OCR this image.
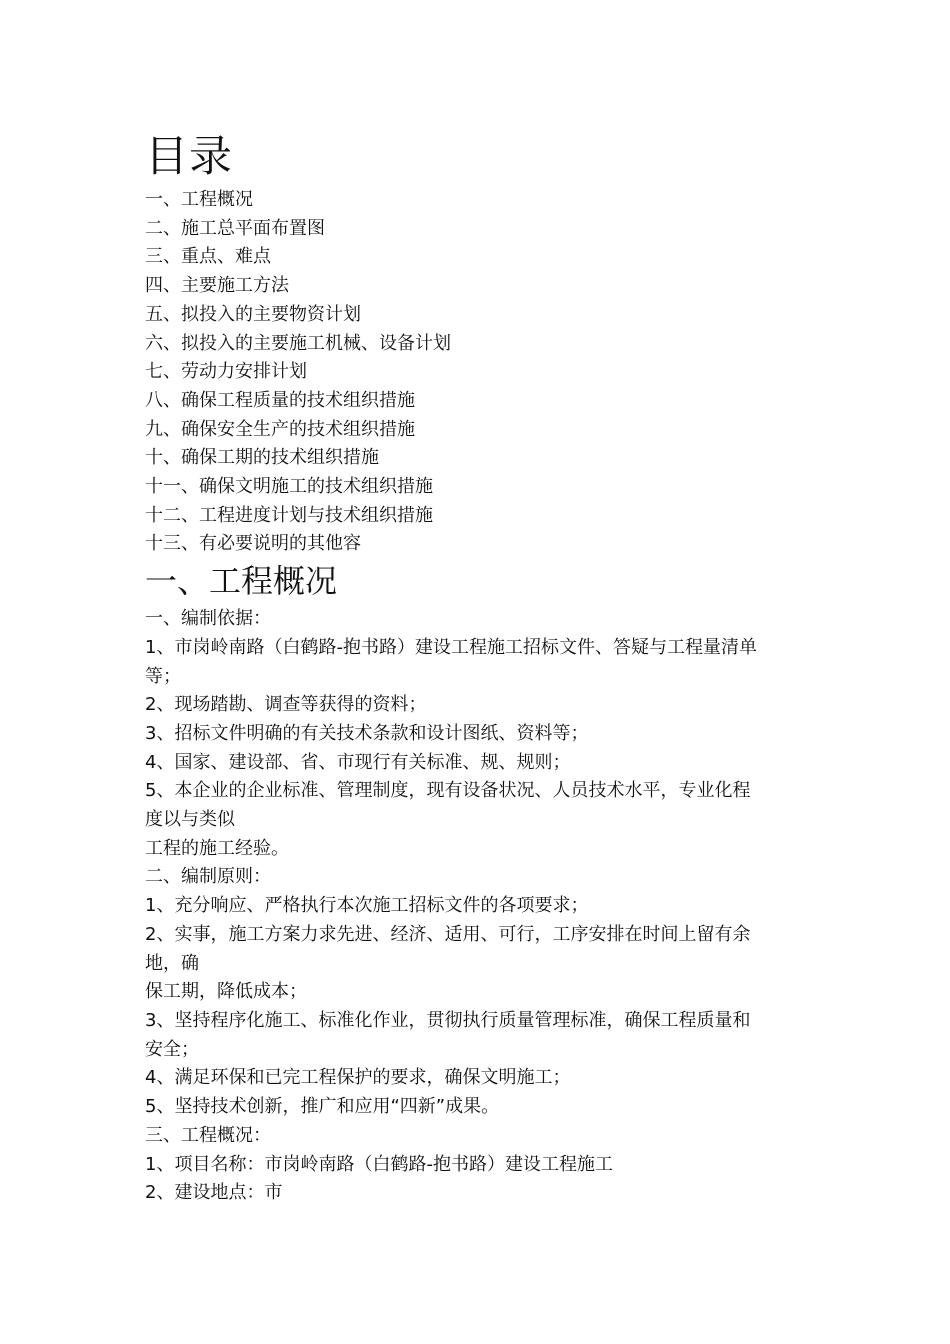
目录

一、工程概况

二、施工总平面布置图

三、重点、难点

四、主要施工方法

五、拟投入的主要物资计划

六、拟投入的主要施工机械、设备计划

七、劳动力安排计划

八、确保工程质量的技术组织措施

九、确保安全生产的技术组织措施

十、确保工期的技术组织措施

十一、确保文明施工的技术组织措施

十二、工程进度计划与技术组织措施

十三、有必要说明的其他容

一、工程概况

一、编制依据：

1、市岗岭南路（白鹤路-抱书路）建设工程施工招标文件、答疑与工程量清单

等；

2、现场踏勘、调查等获得的资料；

3、招标文件明确的有关技术条款和设计图纸、资料等；

4、国家、建设部、省、市现行有关标准、规、规则；

5、本企业的企业标准、管理制度，现有设备状况、人员技术水平，专业化程

度以与类似

工程的施工经验。

二、编制原则：

1、充分响应、严格执行本次施工招标文件的各项要求；

2、实事，施工方案力求先进、经济、适用、可行，工序安排在时间上留有余

地，确

保工期，降低成本；

3、坚持程序化施工、标准化作业，贯彻执行质量管理标准，确保工程质量和

安全；

4、满足环保和已完工程保护的要求，确保文明施工；

5、坚持技术创新，推广和应用“四新”成果。

三、工程概况：

1、项目名称：市岗岭南路（白鹤路-抱书路）建设工程施工

2、建设地点：市
